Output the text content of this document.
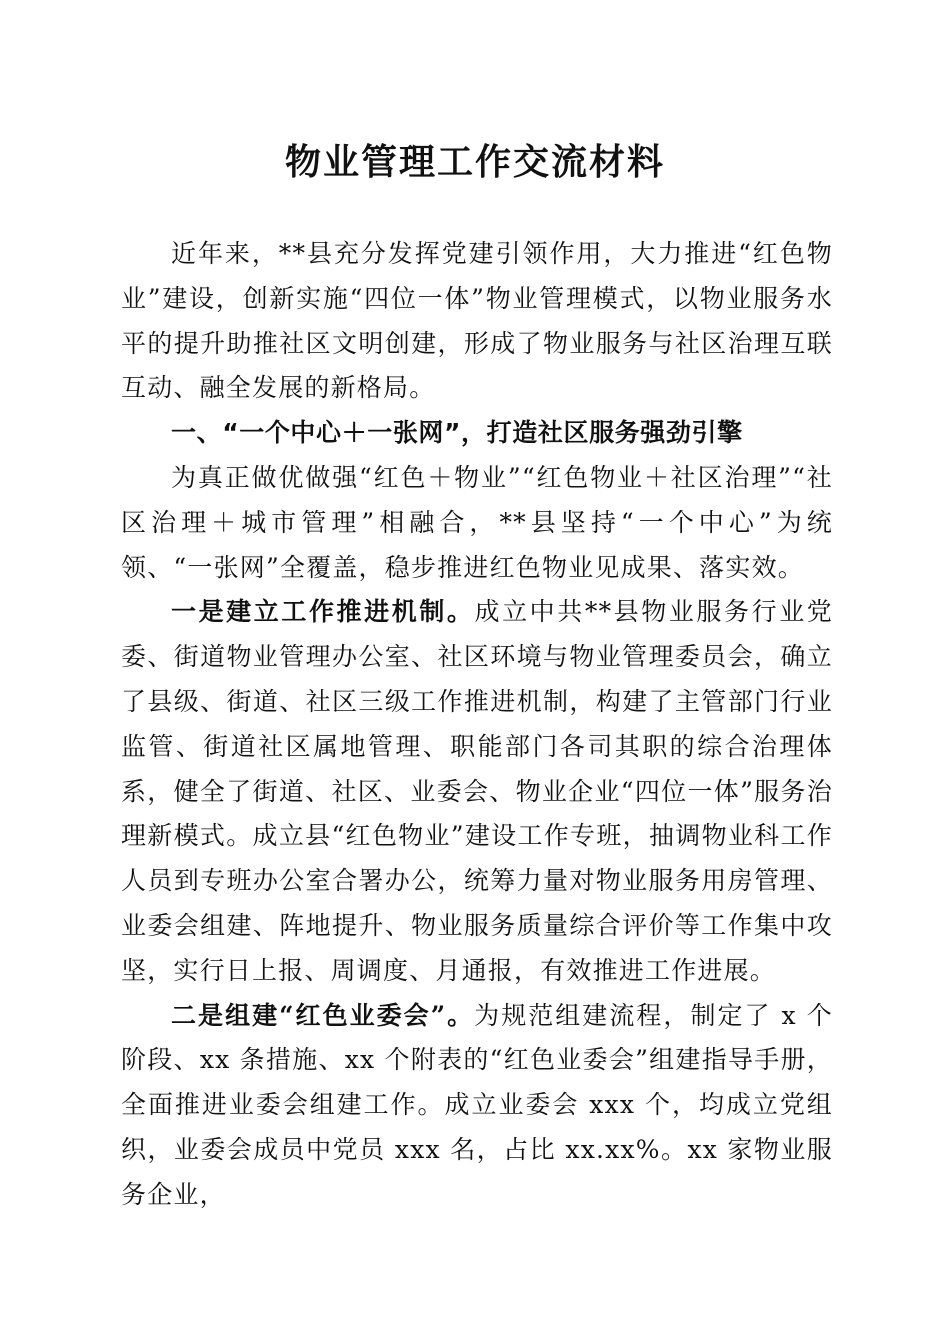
物业管理工作交流材料

近年来，**县充分发挥党建引领作用，大力推进“红色物业”建设，创新实施“四位一体”物业管理模式，以物业服务水平的提升助推社区文明创建，形成了物业服务与社区治理互联互动、融全发展的新格局。

一、“一个中心＋一张网”，打造社区服务强劲引擎

为真正做优做强“红色＋物业”“红色物业＋社区治理”“社区治理＋城市管理”相融合，**县坚持“一个中心”为统领、“一张网”全覆盖，稳步推进红色物业见成果、落实效。

一是建立工作推进机制。成立中共**县物业服务行业党委、街道物业管理办公室、社区环境与物业管理委员会，确立了县级、街道、社区三级工作推进机制，构建了主管部门行业监管、街道社区属地管理、职能部门各司其职的综合治理体系，健全了街道、社区、业委会、物业企业“四位一体”服务治理新模式。成立县“红色物业”建设工作专班，抽调物业科工作人员到专班办公室合署办公，统筹力量对物业服务用房管理、业委会组建、阵地提升、物业服务质量综合评价等工作集中攻坚，实行日上报、周调度、月通报，有效推进工作进展。

二是组建“红色业委会”。为规范组建流程，制定了 x 个阶段、xx 条措施、xx 个附表的“红色业委会”组建指导手册，全面推进业委会组建工作。成立业委会 xxx 个，均成立党组织，业委会成员中党员 xxx 名，占比 xx.xx%。xx 家物业服务企业，
